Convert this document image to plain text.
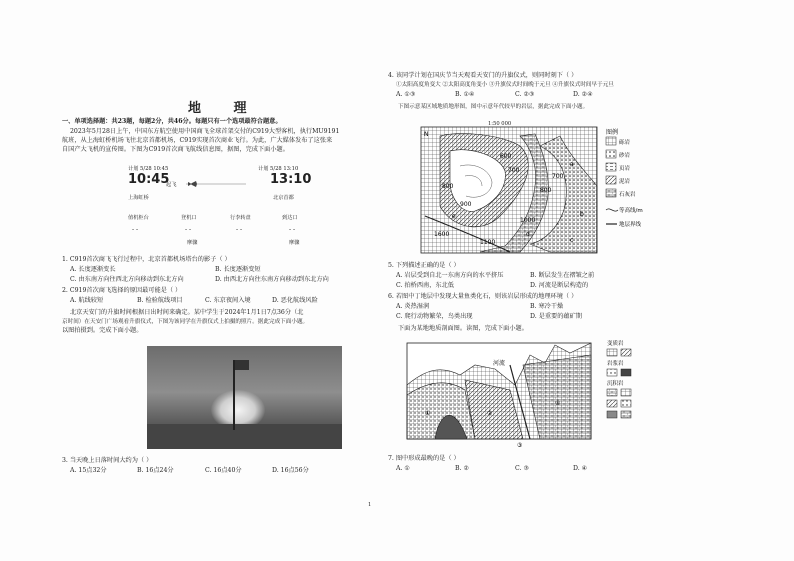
地 理
一、单项选择题：共23题，每题2分，共46分。每题只有一个选项最符合题意。
2023年5月28日上午，中国东方航空使用中国商飞全球首架交付的C919大型客机，执行MU9191
航班，从上海虹桥机场飞往北京首都机场，C919实现首次商业飞行。为此，广大媒体发布了这张来
自国产大飞机的宣传图。下图为C919首次商飞航线信息图，据图，完成下面小题。
计划 5/28 10:45	计划 5/28 13:10
10:45
起飞	13:10
上海虹桥	北京首都
值机柜台	登机口	行李转盘	到达口
- -	- -	- -	- -
摩骤	摩骤
1. C919首次商飞飞行过程中，北京首都机场塔台的影子（ ）
A. 长度逐渐变长	B. 长度逐渐变短
C. 由东南方向往西北方向移动到东北方向	D. 由西北方向往东南方向移动到东北方向
2. C919首次商飞选择的原因最可能是（ ）
A. 航线较短	B. 检验航线项目	C. 东京夜间入境	D. 恶化航线风险
北京天安门的升旗时间根据日出时间来确定。某中学生于2024年1月1日7点36分（北
京时间）在天安门广场观看升旗仪式，下图为该同学在升旗仪式上拍摄的照片。据此完成下面小题。
以图拍摄到。完成下面小题。
3. 当天晚上日落时间大约为（ ）
A. 15点32分	B. 16点24分	C. 16点40分	D. 16点56分
4. 该同学计划在国庆节当天观看天安门的升旗仪式，则同时刻下（ ）
①太阳高度角变大 ②太阳高度角变小 ③升旗仪式时间晚于元旦 ④升旗仪式时间早于元旦
A. ①③	B. ①④	C. ②③	D. ②④
下图示意某区域地质地形图，图中示意年代较早的岩层，据此完成下面小题。
1:50 000
N
1600
600
700
800
700
900
800
1000
1100
a
b
d
e
c
图例
砾岩
砂岩
页岩
泥岩
石灰岩
等高线/m
地层界线
5. 下列描述正确的是（ ）
A. 岩层受到自北一东南方向的水平挤压	B. 断层发生在褶皱之前
C. 拍桥西南，东北低	D. 河流是断层构造的
6. 若图中丁地层中发现大量鱼类化石，则该岩层形成的地理环境（ ）
A. 炎热湿润	B. 寒冷干燥
C. 爬行动物繁荣，鸟类出现	D. 是重要的蕴矿期
下面为某地地质剖面图。读图，完成下面小题。
河流
①	②
③
④
变质岩
岩浆岩
沉积岩
7. 图中形成最晚的是（ ）
A. ①	B. ②	C. ③	D. ④
1
